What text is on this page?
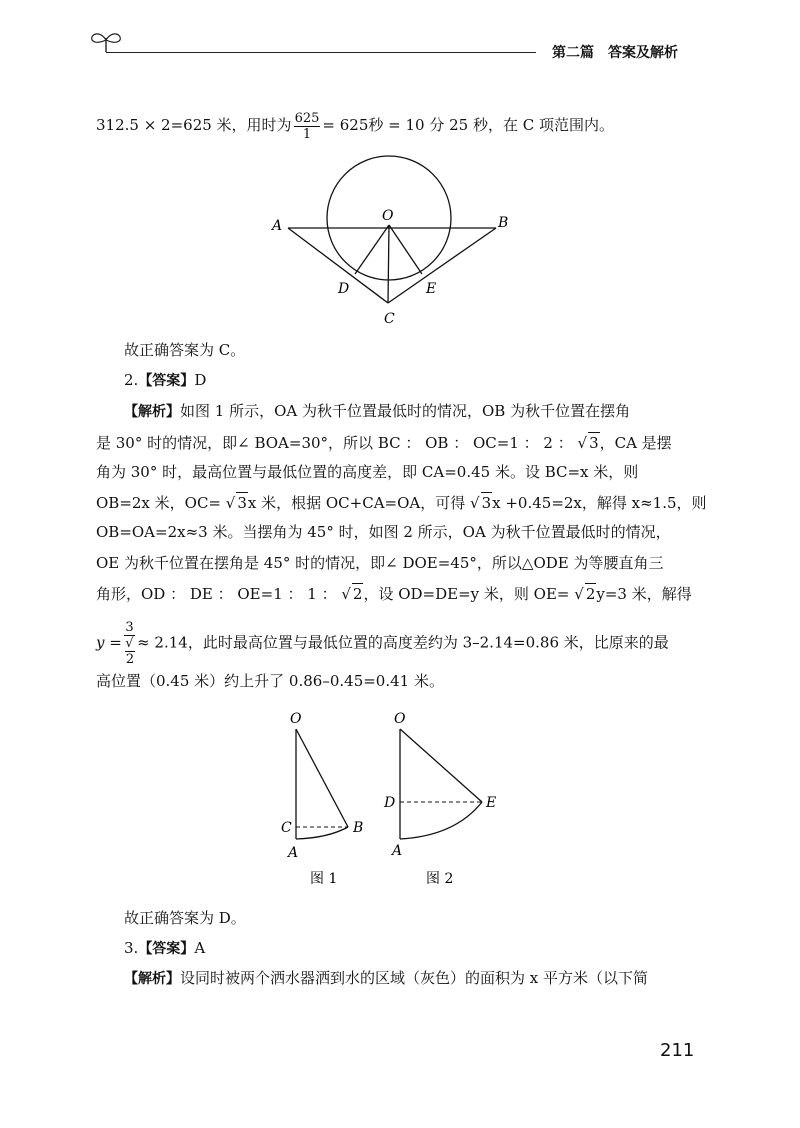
第二篇　答案及解析
312.5 × 2=625 米，用时为 $\frac{625}{1} = 625$秒 = 10 分 25 秒，在 C 项范围内。
A
O	B
D	E
C
故正确答案为 C。
2.【答案】D
【解析】如图 1 所示，OA 为秋千位置最低时的情况，OB 为秋千位置在摆角
是 30° 时的情况，即∠ BOA=30°，所以 BC ： OB ： OC=1 ： 2 ： √ 3，CA 是摆
角为 30° 时，最高位置与最低位置的高度差，即 CA=0.45 米。设 BC=x 米，则
OB=2x 米，OC= √ 3x 米，根据 OC+CA=OA，可得 √ 3x +0.45=2x，解得 x≈1.5，则
OB=OA=2x≈3 米。当摆角为 45° 时，如图 2 所示，OA 为秋千位置最低时的情况，
OE 为秋千位置在摆角是 45° 时的情况，即∠ DOE=45°，所以△ODE 为等腰直角三
角形，OD ： DE ： OE=1 ： 1 ： √ 2，设 OD=DE=y 米，则 OE= √ 2y=3 米，解得
y = 3
√
2 ≈ 2.14，此时最高位置与最低位置的高度差约为 3–2.14=0.86 米，比原来的最
高位置（0.45 米）约上升了 0.86–0.45=0.41 米。
O
C	B
A
图 1
O
D	E
A
图 2
故正确答案为 D。
3.【答案】A
【解析】设同时被两个洒水器洒到水的区域（灰色）的面积为 x 平方米（以下简
211
